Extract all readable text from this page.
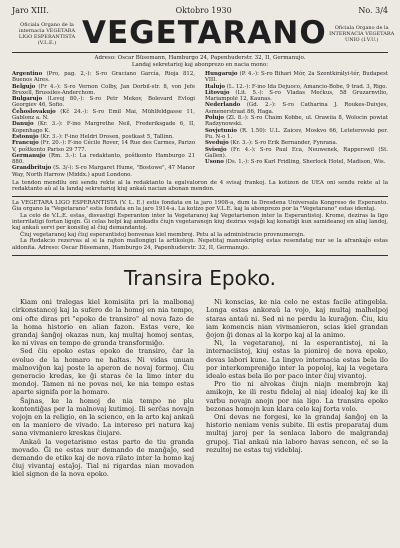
Jaro XIII.	Oktobro 1930	No. 3/4
Oficiala Organo de la internacia VEGETARA LIGO ESPERANTISTA (V.L.E.) VEGETARANO	Oficiala Organo de la INTERNACIA VEGETARA UNIO (I.V.U.)
Adreso: Oscar Büsemann, Hamburgo 24, Papenhuderstr. 32, II, Germanujo.
Landaj sekretarioj kaj abonprezo en nacia mono:
Argentino (Pro, pag. 2,-): S-ro Graciano García, Rioja 812, Buenos Aires.
Belgujo (Fr 4.-): S-ro Vernon Colby, Jan Dorbil-str. 8, von Jefe Bruxell, Brussiles-Anderchom.
Bulgarujo (Levoj 80,-): S-ro Petr Mekov, Bolevard Evlogi Georgiev 46, Sofio.
Ĉeĥoslovakujo (Kĉ 24.-): S-ro Emil Mai, Mühlfeldgasse 11, Gablonz a. N.
Danujo (Kr. 3.-): F-ino Margrethe Neil, Frederiksgade 6, II, Kopenhago K.
Estonujo (Kr. 3.-): F-ino Heldri Drosen, postkast 5, Tallinn.
Francujo (Fr. 20.-): F-ino Cécile Rover, 14 Rue des Carmes, Parizo V, poŝtkonto Pariso 29 777.
Germanujo (Rm. 3.-): La redaktanto, poŝtkonto Hamburgo 21 880.
Grandbritujo (S. 3/-): S-ro Margaret Hume, "Bostowe", 47 Manor Way, North Harrow (Middx.) apud Londono.
Hungarujo (P. 4.-): S-ro Bihari Mór, 2a Szentkirályi-tér, Budapest VIII.
Italujo (L. 12.-): F-ino Ida Dejuoco, Amancio-Bobe, 9 trad. 3, Rigo.
Litovujo (Lit. 5.-): S-ro Vladas Mećkus, 58 Gruzarnvilio, Mariampolė 12, Kaunas.
Nederlando (Gd. 2.-): S-ro Catharina J. Roukes-Duivjes, Asmenerstraat 86, Haga.
Polujo (Zl. 8.-): S-ro Chaim Kobbe, ul. Orawiia 8, Wolocin powiat Radzynowski.
Sovjetunio (R. 1.50): U.L. Zaicev, Moskvo 66, Leteterovski per. Pu. N-o 1.
Svedujo (Kr. 3.-): S-ro Erik Bernander, Fynrana.
Svisujo (Fr. 4.-): S-ro Paul Eca, Neuwenek, Rapperswil (St. Gallen).
Usono (Ds. 1.-): S-ro Karl Fridling, Sherlock Hotel, Madison, Wis.
La tendon mendilu oni sendu rekte al la redaktanto la egalvaloron de 4 svisaj frankoj. La kotizon de UEA oni sendu rekte al la redaktanto aŭ al la landaj sekretarioj kiuj ankaŭ nacian abonan mendon.
La VEGETARA LIGO ESPERANTISTA (V. L. E.) estis fondata en la jaro 1908-a, dum la Dresdena Universala Kongreso de Esperanto. Ĝia organo la "Vegetarano" estis fondata en la jaro 1914-a. La kotizo por V.L.E. kaj la abonprezo por la "Vegetarano" estas identaj.
La celo de V.L.E. estas, disvastigi Esperanton inter la Vegetaranoj kaj Vegetarismon inter la Esperantistoj. Krome, deziras la ligo interrilatigi fortan ligojn. Ĝi celas helpi kaj amikadis ĉiujn vegetaranojn kiuj deziras vojaĝi kaj konatiĝi kun samideanoj en aliaj landoj, kaj ankaŭ servi per konsiloj al ĉiuj demandantoj.
Ĉiuj vegetaranoj kaj ĉiuj esperantistoj bonvenas kiel membroj. Petu al la administracio provnumerojn.
La Redakcio rezervas al si la rajton mallongigi la artikolojn. Nepetitaj manuskriptoj estas resendataj nur se la afrankaĵo estas aldonita. Adreso: Oscar Büsemann, Hamburgo 24, Papenhuderstr. 32, II, Germanujo.
Transira Epoko.

Kiam oni tralegas kiel komisiita pri la malbonaj cirkonstancoj kaj la sufero de la homoj en nia tempo, oni ofte diras pri "epoko de transiro" al nova fazo de la homa historio en alian fazon. Estas vere, ke grandaj ŝanĝoj okazas nun, kaj multaj homoj sentas, ke ni vivas en tempo de granda transformiĝo.

Sed ĉiu epoko estas epoko de transiro, ĉar la evoluo de la homaro ne haltas. Ni vidas unuan malnoviĝon kaj poste la aperon de novaj formoj. Ĉiu generacio kredas, ke ĝi staras ĉe la limo inter du mondoj. Tamen ni ne povas nei, ke nia tempo estas aparte signifa por la homaro.

Ŝajnas, ke la homoj de nia tempo ne plu kontentiĝas per la malnovaj kutimoj. Ili serĉas novajn vojojn en la religio, en la scienco, en la arto kaj ankaŭ en la maniero de vivado. La intereso pri natura kaj sana vivmaniero kreskas ĉiujare.

Ankaŭ la vegetarismo estas parto de tiu granda movado. Ĝi ne estas nur demando de manĝaĵo, sed demando de etiko kaj de nova rilato inter la homo kaj ĉiuj vivantaj estaĵoj. Tial ni rigardas nian movadon kiel signon de la nova epoko.

Ni konscias, ke nia celo ne estas facile atingebla. Longa estas ankoraŭ la vojo, kaj multaj malhelpoj staras antaŭ ni. Sed ni ne perdu la kuraĝon. Ĉiu, kiu iam komencis nian vivmanieron, scias kiel grandan ĝojon ĝi donas al la korpo kaj al la animo.

Ni, la vegetaranoj, ni la esperantistoj, ni la internaciistoj, kiuj estas la pioniroj de nova epoko, devas labori kune. La lingvo internacia estas bela ilo por interkompreniĝo inter la popoloj, kaj la vegetara idealo estas bela ilo por paco inter ĉiuj vivantoj.

Pro tio ni alvokas ĉiujn niajn membrojn kaj amikojn, ke ili restu fidelaj al niaj idealoj kaj ke ili varbu novajn anojn por nia ligo. La transira epoko bezonas homojn kun klara celo kaj forta volo.

Oni devas ne forgesi, ke la grandaj ŝanĝoj en la historio neniam venis subite. Ili estis preparataj dum multaj jaroj per la senlaca laboro de malgrandaj grupoj. Tial ankaŭ nia laboro havas sencon, eĉ se la rezultoj ne estas tuj videblaj.
